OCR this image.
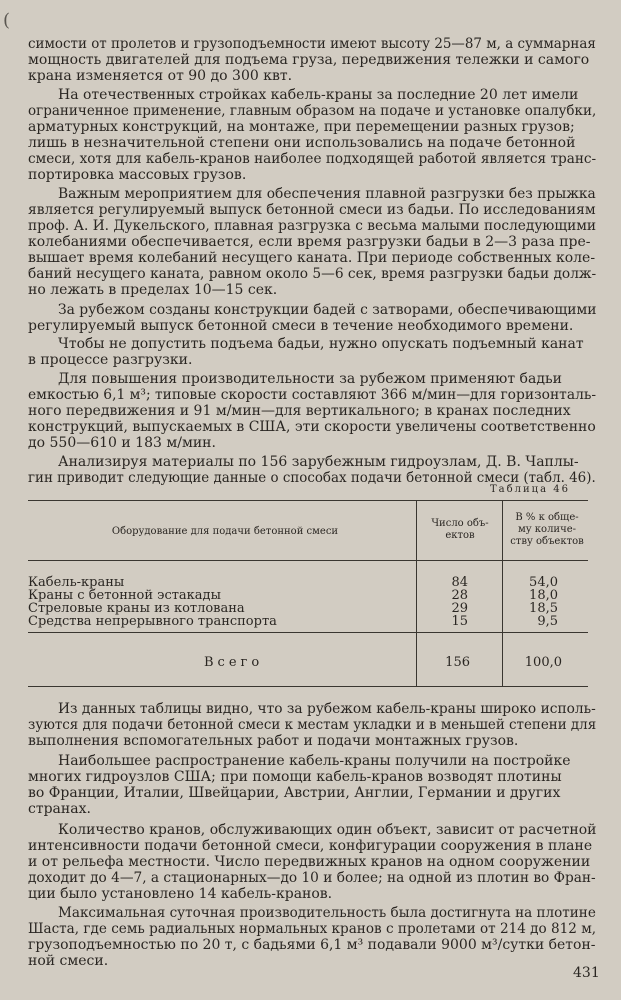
(
симости от пролетов и грузоподъемности имеют высоту 25—87 м, а суммарная
мощность двигателей для подъема груза, передвижения тележки и самого
крана изменяется от 90 до 300 квт.
На отечественных стройках кабель-краны за последние 20 лет имели
ограниченное применение, главным образом на подаче и установке опалубки,
арматурных конструкций, на монтаже, при перемещении разных грузов;
лишь в незначительной степени они использовались на подаче бетонной
смеси, хотя для кабель-кранов наиболее подходящей работой является транс-
портировка массовых грузов.
Важным мероприятием для обеспечения плавной разгрузки без прыжка
является регулируемый выпуск бетонной смеси из бадьи. По исследованиям
проф. А. И. Дукельского, плавная разгрузка с весьма малыми последующими
колебаниями обеспечивается, если время разгрузки бадьи в 2—3 раза пре-
вышает время колебаний несущего каната. При периоде собственных коле-
баний несущего каната, равном около 5—6 сек, время разгрузки бадьи долж-
но лежать в пределах 10—15 сек.
За рубежом созданы конструкции бадей с затворами, обеспечивающими
регулируемый выпуск бетонной смеси в течение необходимого времени.
Чтобы не допустить подъема бадьи, нужно опускать подъемный канат
в процессе разгрузки.
Для повышения производительности за рубежом применяют бадьи
емкостью 6,1 м³; типовые скорости составляют 366 м/мин—для горизонталь-
ного передвижения и 91 м/мин—для вертикального; в кранах последних
конструкций, выпускаемых в США, эти скорости увеличены соответственно
до 550—610 и 183 м/мин.
Анализируя материалы по 156 зарубежным гидроузлам, Д. В. Чаплы-
гин приводит следующие данные о способах подачи бетонной смеси (табл. 46).
Таблица 46
Оборудование для подачи бетонной смеси
Число объ-
ектов
В % к обще-
му количе-
ству объектов
Кабель-краны	84	54,0
Краны с бетонной эстакады	28	18,0
Стреловые краны из котлована	29	18,5
Средства непрерывного транспорта	15	9,5
Всего	156	100,0
Из данных таблицы видно, что за рубежом кабель-краны широко исполь-
зуются для подачи бетонной смеси к местам укладки и в меньшей степени для
выполнения вспомогательных работ и подачи монтажных грузов.
Наибольшее распространение кабель-краны получили на постройке
многих гидроузлов США; при помощи кабель-кранов возводят плотины
во Франции, Италии, Швейцарии, Австрии, Англии, Германии и других
странах.
Количество кранов, обслуживающих один объект, зависит от расчетной
интенсивности подачи бетонной смеси, конфигурации сооружения в плане
и от рельефа местности. Число передвижных кранов на одном сооружении
доходит до 4—7, а стационарных—до 10 и более; на одной из плотин во Фран-
ции было установлено 14 кабель-кранов.
Максимальная суточная производительность была достигнута на плотине
Шаста, где семь радиальных нормальных кранов с пролетами от 214 до 812 м,
грузоподъемностью по 20 т, с бадьями 6,1 м³ подавали 9000 м³/сутки бетон-
ной смеси.
431
